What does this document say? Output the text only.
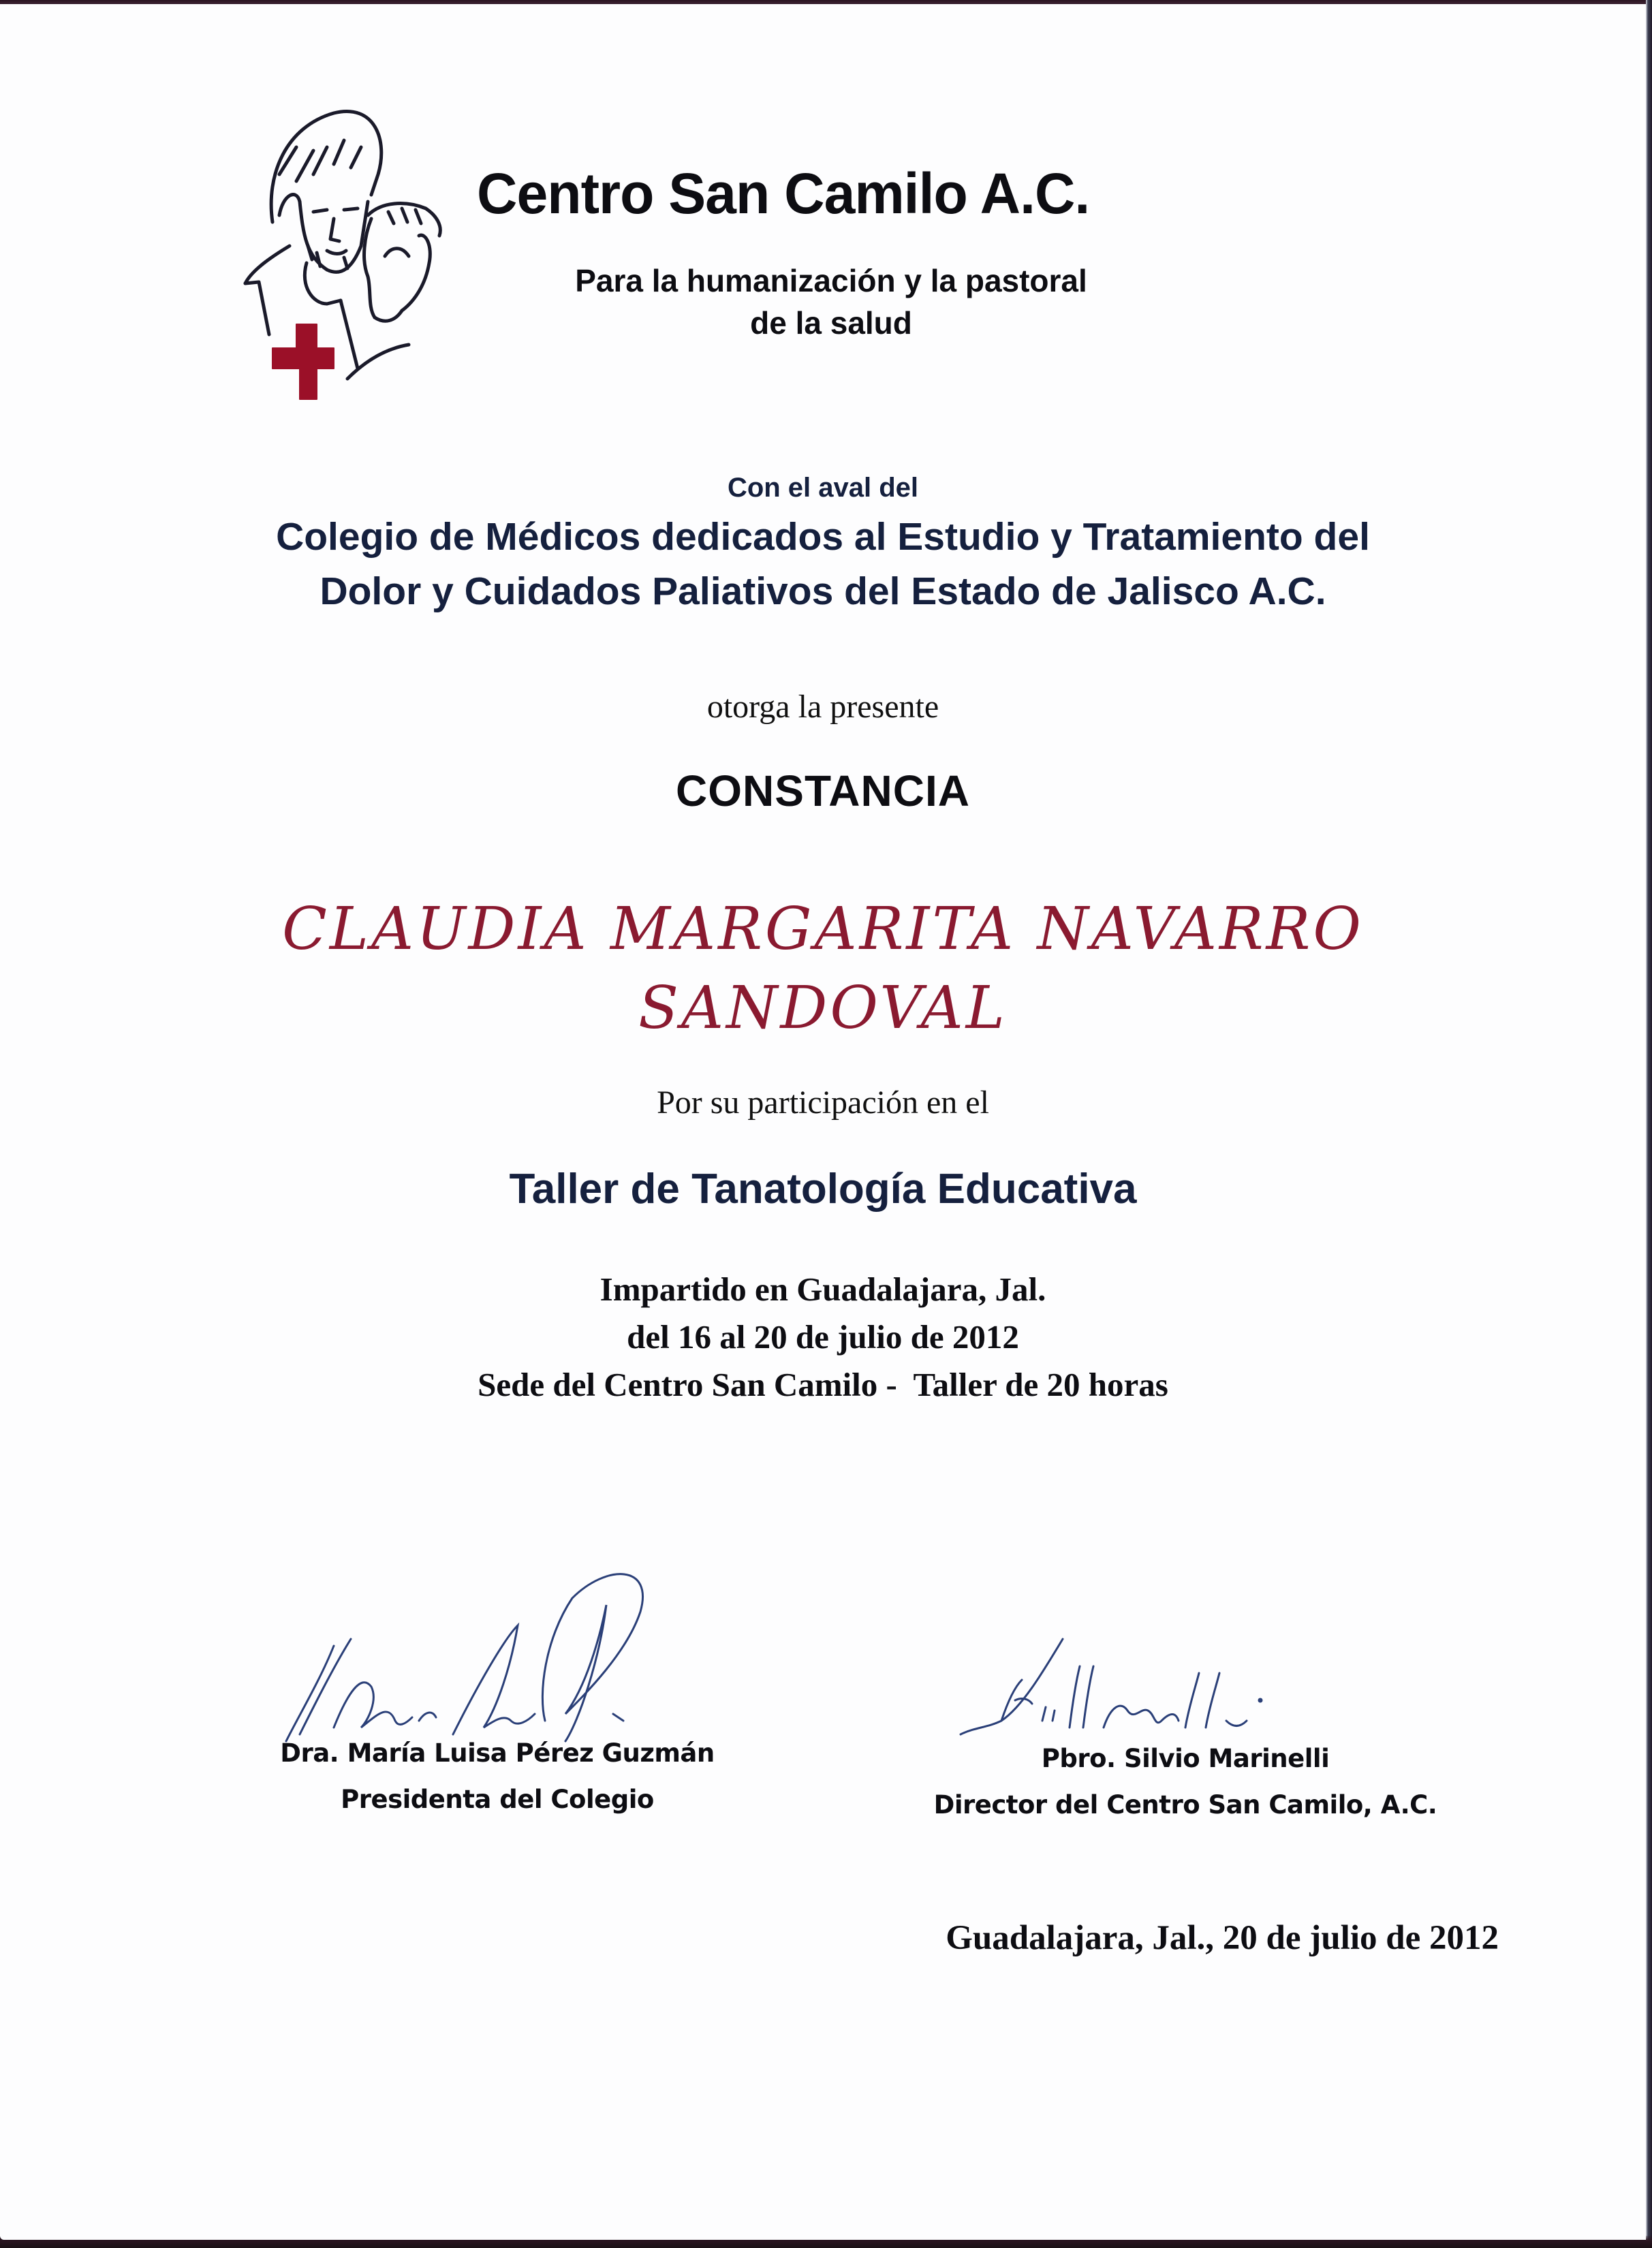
Centro San Camilo A.C.
Para la humanización y la pastoral
de la salud
Con el aval del
Colegio de Médicos dedicados al Estudio y Tratamiento del
Dolor y Cuidados Paliativos del Estado de Jalisco A.C.
otorga la presente
CONSTANCIA
CLAUDIA MARGARITA NAVARRO
SANDOVAL
Por su participación en el
Taller de Tanatología Educativa
Impartido en Guadalajara, Jal.
del 16 al 20 de julio de 2012
Sede del Centro San Camilo -  Taller de 20 horas
Dra. María Luisa Pérez Guzmán
Presidenta del Colegio
Pbro. Silvio Marinelli
Director del Centro San Camilo, A.C.
Guadalajara, Jal., 20 de julio de 2012
